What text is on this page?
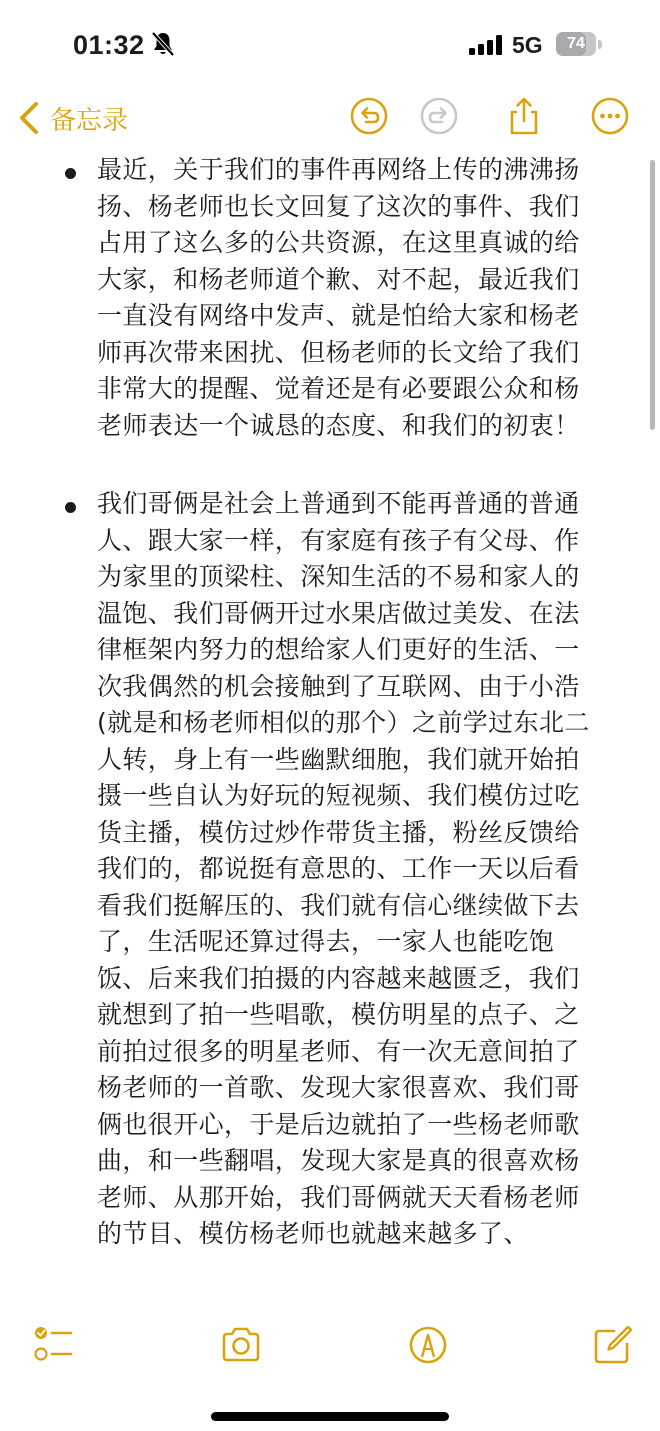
01:32	5G	74
备忘录
最近，关于我们的事件再网络上传的沸沸扬
扬、杨老师也长文回复了这次的事件、我们
占用了这么多的公共资源，在这里真诚的给
大家，和杨老师道个歉、对不起，最近我们
一直没有网络中发声、就是怕给大家和杨老
师再次带来困扰、但杨老师的长文给了我们
非常大的提醒、觉着还是有必要跟公众和杨
老师表达一个诚恳的态度、和我们的初衷！
我们哥俩是社会上普通到不能再普通的普通
人、跟大家一样，有家庭有孩子有父母、作
为家里的顶梁柱、深知生活的不易和家人的
温饱、我们哥俩开过水果店做过美发、在法
律框架内努力的想给家人们更好的生活、一
次我偶然的机会接触到了互联网、由于小浩
(就是和杨老师相似的那个）之前学过东北二
人转，身上有一些幽默细胞，我们就开始拍
摄一些自认为好玩的短视频、我们模仿过吃
货主播，模仿过炒作带货主播，粉丝反馈给
我们的，都说挺有意思的、工作一天以后看
看我们挺解压的、我们就有信心继续做下去
了，生活呢还算过得去，一家人也能吃饱
饭、后来我们拍摄的内容越来越匮乏，我们
就想到了拍一些唱歌，模仿明星的点子、之
前拍过很多的明星老师、有一次无意间拍了
杨老师的一首歌、发现大家很喜欢、我们哥
俩也很开心，于是后边就拍了一些杨老师歌
曲，和一些翻唱，发现大家是真的很喜欢杨
老师、从那开始，我们哥俩就天天看杨老师
的节目、模仿杨老师也就越来越多了、
